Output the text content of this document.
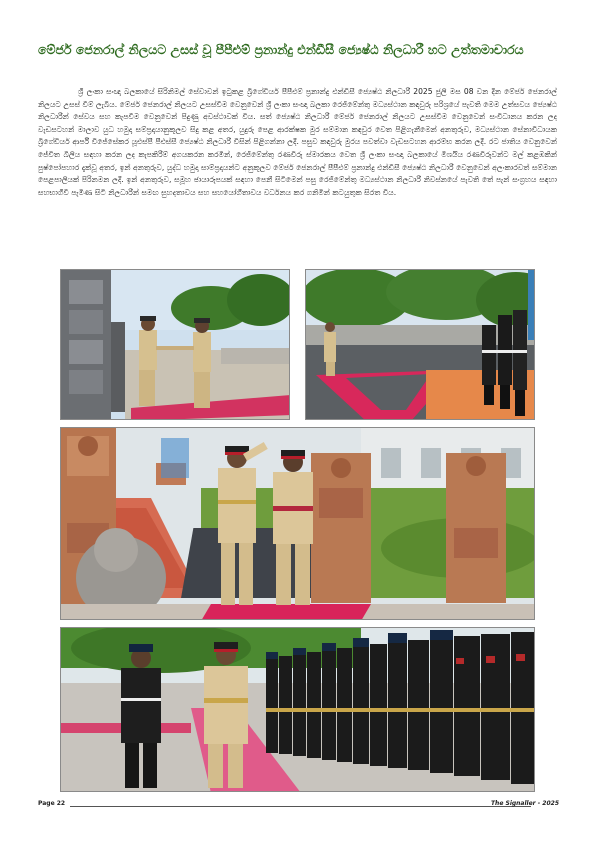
මේජර් ජෙනරාල් නිලයට උසස් වූ පීපීඑම් ප්‍රනාන්දු එන්ඩීසී ජ්‍යෙෂ්ඨ නිලධාරී හට උත්තමාචාරය

ශ්‍රී ලංකා සංඥා බලකායේ සිරිනිමල් සේවාවන් ඉටුකළ බ්‍රිගේඩියර් පීපීඑම් ප්‍රනාන්දු එන්ඩීසී ජ්‍යෙෂ්ඨ නිලධාරී 2025 ජුලි මස 08 වන දින මේජර් ජෙනරාල් නිලයට උසස් වීම් ලැබීය. මේජර් ජෙනරාල් නිලයට උසස්වීම වෙනුවෙන් ශ්‍රී ලංකා සංඥා බලකා රෙජිමේන්තු මධ්‍යස්ථාන කඳවුරු පරිශ්‍රයේ පැවති මෙම උත්සවය ජ්‍යෙෂ්ඨ නිලධාරීන් සේවය සහ කැපවීම වෙනුවෙන් පිදුණු අවස්ථාවක් විය. සත් ජ්‍යෙෂ්ඨ නිලධාරී මේජර් ජෙනරාල් නිලයට උසස්වීම වෙනුවෙන් සංවිධානය කරන ලද වැඩසටහන් මාලාව යුධ හමුදා සම්ප්‍රදායානුකූලව සිදු කළ අතර, යුදුරු පෙළ ආරක්ෂක මුර සම්මාන කඳවුර ‍වෙත පිළිගැනීමෙන් අනතුරුව, මධ්‍යස්ථාන ‍සේනාවිධායක බ්‍රිගේඩියර් ආර්පී විජේසේකර යූඑස්පී පීඑස්සී ජ්‍යෙෂ්ඨ නිලධාරී විසින් පිළිගන්නා ලදී. පසුව කඳවුරු මුරය පවත්වා වැඩසටහන ආරම්භ කරන ලදී. රට ජාතිය වෙනුවෙන් ජේවිත බිලිය සඳහා කරන ලද කැපකිරීම් අගයකරන ‍කරමින්, රෙජිමේන්තු රණවිරු ස්මාරකය වෙත ශ්‍රී ලංකා සංඥා බලකායේ මීශයිය රණවිරුවන්ට මල් කළඹකින් පුෂ්පෝපහාර දැක්වූ අතර, ඉන් අනතුරුව, යුද්ධ හමුදා සාම්ප්‍රදායන්ට අනුකූලව මේජර් ජෙනරාල් පීපීඑම් ප්‍රනාන්දු එන්ඩීසී ජ්‍යෙෂ්ඨ නිලධාරී වෙනුවෙන් අලංකාරවත් සම්මාන පෙළපාලියක් පිරිනමන ලදී. ඉන් අනතුරුව, සමූහ ඡායාරූපයක් සඳහා පෙනී සිටිමෙන් පසු රෙජිමේන්තු මධ්‍යස්ථාන නිලධාරී නිවස්නයේ පැවති තේ පැන් සංග්‍රහය සඳහා සහභාගීවී පැමිණ සිටි නිලධාරීන් සමඟ සුහදතාවය සහ සහයෝගීතාවය වර්ධනය කර ගනිමින් කටයුතුක සිරත විය.

Page 22	The Signaller - 2025
